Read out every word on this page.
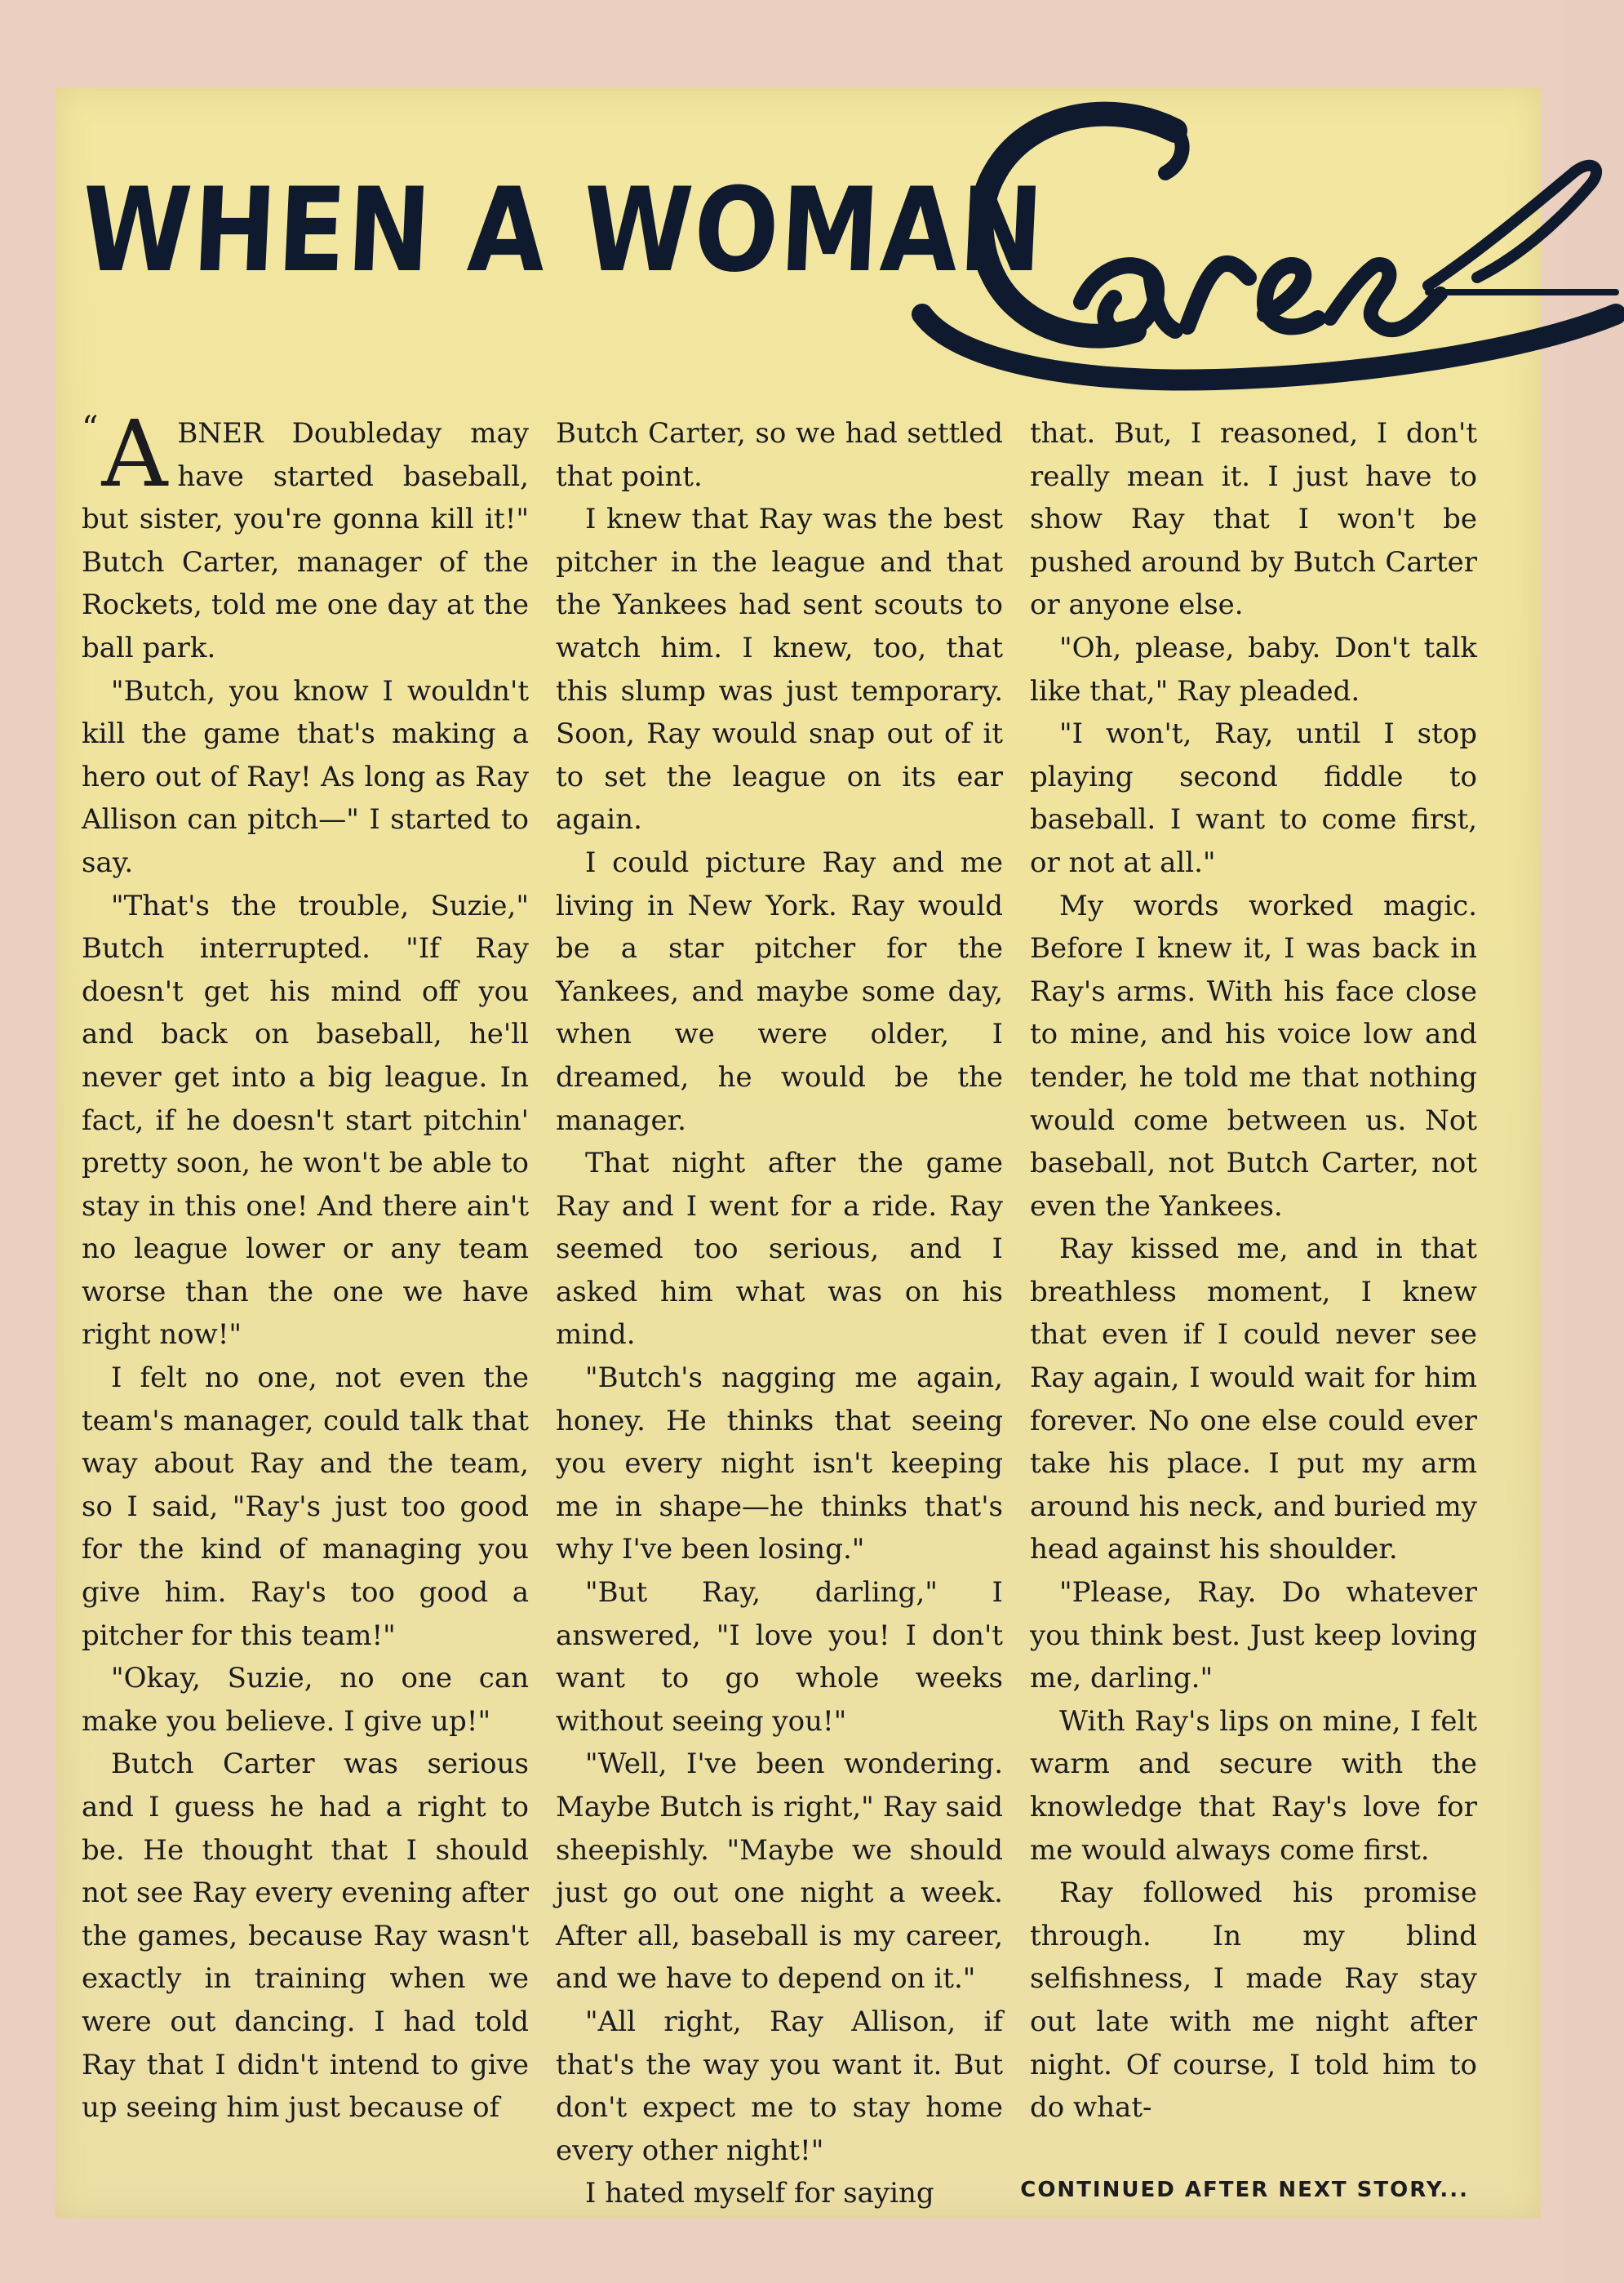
WHEN A WOMAN

“A BNER Doubleday may have started baseball, but sister, you're gonna kill it!" Butch Carter, manager of the Rockets, told me one day at the ball park.

"Butch, you know I wouldn't kill the game that's making a hero out of Ray! As long as Ray Allison can pitch—" I started to say.

"That's the trouble, Suzie," Butch interrupted. "If Ray doesn't get his mind off you and back on baseball, he'll never get into a big league. In fact, if he doesn't start pitchin' pretty soon, he won't be able to stay in this one! And there ain't no league lower or any team worse than the one we have right now!"

I felt no one, not even the team's manager, could talk that way about Ray and the team, so I said, "Ray's just too good for the kind of managing you give him. Ray's too good a pitcher for this team!"

"Okay, Suzie, no one can make you believe. I give up!"

Butch Carter was serious and I guess he had a right to be. He thought that I should not see Ray every evening after the games, because Ray wasn't exactly in training when we were out dancing. I had told Ray that I didn't intend to give up seeing him just because of

Butch Carter, so we had settled that point.

I knew that Ray was the best pitcher in the league and that the Yankees had sent scouts to watch him. I knew, too, that this slump was just temporary. Soon, Ray would snap out of it to set the league on its ear again.

I could picture Ray and me living in New York. Ray would be a star pitcher for the Yankees, and maybe some day, when we were older, I dreamed, he would be the manager.

That night after the game Ray and I went for a ride. Ray seemed too serious, and I asked him what was on his mind.

"Butch's nagging me again, honey. He thinks that seeing you every night isn't keeping me in shape—he thinks that's why I've been losing."

"But Ray, darling," I answered, "I love you! I don't want to go whole weeks without seeing you!"

"Well, I've been wondering. Maybe Butch is right," Ray said sheepishly. "Maybe we should just go out one night a week. After all, baseball is my career, and we have to depend on it."

"All right, Ray Allison, if that's the way you want it. But don't expect me to stay home every other night!"

I hated myself for saying

that. But, I reasoned, I don't really mean it. I just have to show Ray that I won't be pushed around by Butch Carter or anyone else.

"Oh, please, baby. Don't talk like that," Ray pleaded.

"I won't, Ray, until I stop playing second fiddle to baseball. I want to come first, or not at all."

My words worked magic. Before I knew it, I was back in Ray's arms. With his face close to mine, and his voice low and tender, he told me that nothing would come between us. Not baseball, not Butch Carter, not even the Yankees.

Ray kissed me, and in that breathless moment, I knew that even if I could never see Ray again, I would wait for him forever. No one else could ever take his place. I put my arm around his neck, and buried my head against his shoulder.

"Please, Ray. Do whatever you think best. Just keep loving me, darling."

With Ray's lips on mine, I felt warm and secure with the knowledge that Ray's love for me would always come first.

Ray followed his promise through. In my blind selfishness, I made Ray stay out late with me night after night. Of course, I told him to do what-

CONTINUED AFTER NEXT STORY...
